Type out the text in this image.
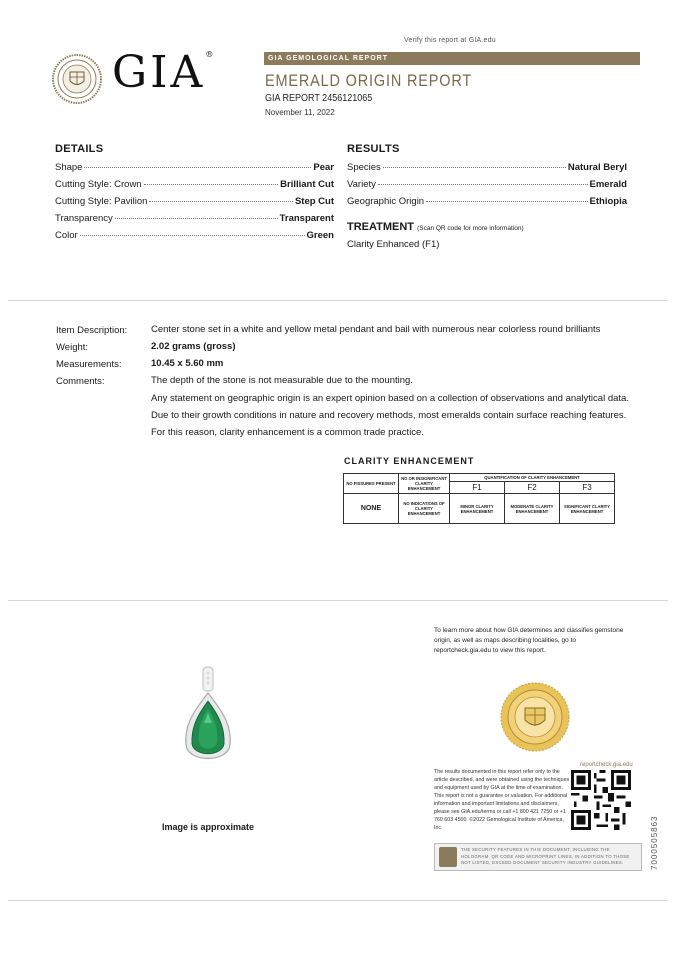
Verify this report at GIA.edu
GIA®	GIA GEMOLOGICAL REPORT
EMERALD ORIGIN REPORT
GIA REPORT 2456121065
November 11, 2022
DETAILS
Shape	Pear
Cutting Style: Crown	Brilliant Cut
Cutting Style: Pavilion	Step Cut
Transparency	Transparent
Color	Green
RESULTS
Species	Natural Beryl
Variety	Emerald
Geographic Origin	Ethiopia
TREATMENT (Scan QR code for more information)
Clarity Enhanced (F1)
Item Description: Center stone set in a white and yellow metal pendant and bail with numerous near colorless round brilliants
Weight:	2.02 grams (gross)
Measurements:	10.45 x 5.60 mm
Comments:	The depth of the stone is not measurable due to the mounting.
Any statement on geographic origin is an expert opinion based on a collection of observations and analytical data. Due to their growth conditions in nature and recovery methods, most emeralds contain surface reaching features. For this reason, clarity enhancement is a common trade practice.
CLARITY ENHANCEMENT
NO FISSURES PRESENT	NO OR INSIGNIFICANT CLARITY ENHANCEMENT	QUANTIFICATION OF CLARITY ENHANCEMENT		
		F1	F2	F3
NONE	NO INDICATIONS OF CLARITY ENHANCEMENT	MINOR CLARITY ENHANCEMENT	MODERATE CLARITY ENHANCEMENT	SIGNIFICANT CLARITY ENHANCEMENT
Image is approximate
To learn more about how GIA determines and classifies gemstone origin, as well as maps describing localities, go to reportcheck.gia.edu to view this report.
reportcheck.gia.edu
The results documented in this report refer only to the article described, and were obtained using the techniques and equipment used by GIA at the time of examination. This report is not a guarantee or valuation. For additional information and important limitations and disclaimers, please see GIA.edu/terms or call +1 800 421 7250 or +1 760 603 4500. ©2022 Gemological Institute of America, Inc.
THE SECURITY FEATURES IN THIS DOCUMENT, INCLUDING THE HOLOGRAM, QR CODE AND MICROPRINT LINES, IN ADDITION TO THOSE NOT LISTED, EXCEED DOCUMENT SECURITY INDUSTRY GUIDELINES.	7000505863
